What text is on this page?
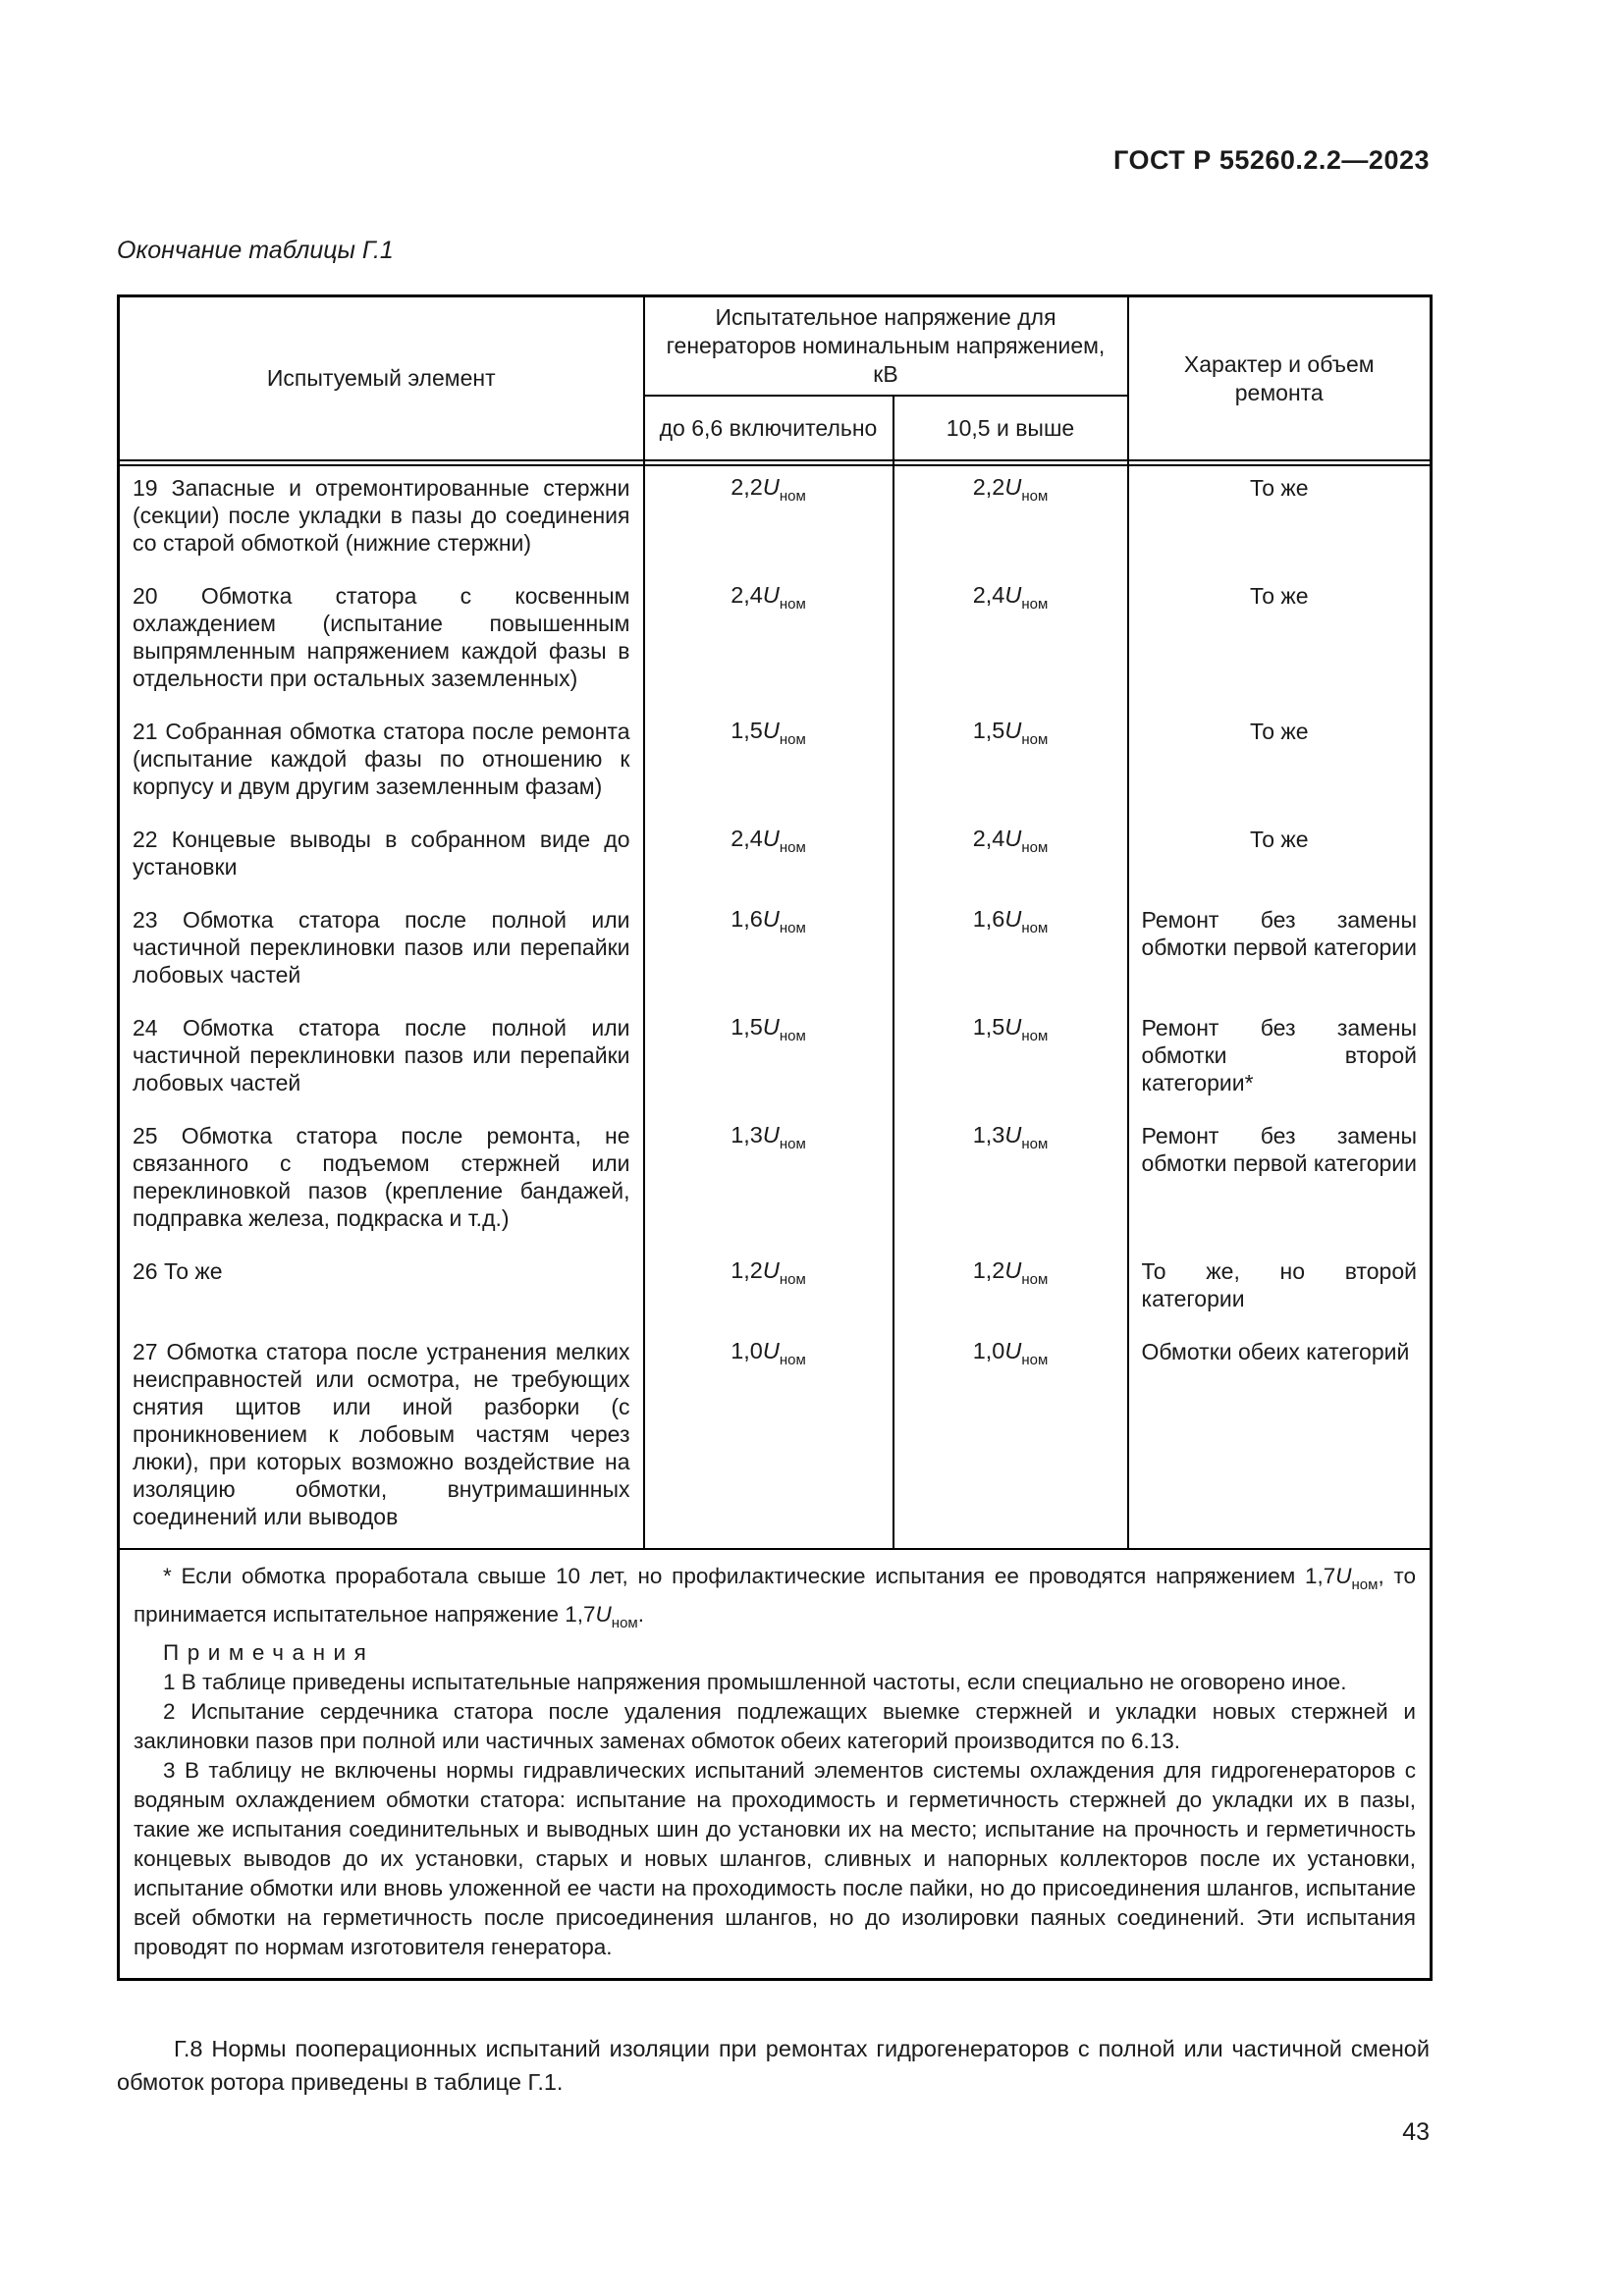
ГОСТ Р 55260.2.2—2023
Окончание таблицы Г.1
Испытуемый элемент	Испытательное напряжение для генераторов номинальным напряжением, кВ		Характер и объем ремонта
	до 6,6 включительно	10,5 и выше	

19 Запасные и отремонтированные стержни (секции) после укладки в пазы до соединения со старой обмоткой (нижние стержни)	$2,2U_{ном}$	$2,2U_{ном}$	То же
20 Обмотка статора с косвенным охлаждением (испытание повышенным выпрямленным напряжением каждой фазы в отдельности при остальных заземленных)	$2,4U_{ном}$	$2,4U_{ном}$	То же
21 Собранная обмотка статора после ремонта (испытание каждой фазы по отношению к корпусу и двум другим заземленным фазам)	$1,5U_{ном}$	$1,5U_{ном}$	То же
22 Концевые выводы в собранном виде до установки	$2,4U_{ном}$	$2,4U_{ном}$	То же
23 Обмотка статора после полной или частичной переклиновки пазов или перепайки лобовых частей	$1,6U_{ном}$	$1,6U_{ном}$	Ремонт без замены обмотки первой категории
24 Обмотка статора после полной или частичной переклиновки пазов или перепайки лобовых частей	$1,5U_{ном}$	$1,5U_{ном}$	Ремонт без замены обмотки второй категории*
25 Обмотка статора после ремонта, не связанного с подъемом стержней или переклиновкой пазов (крепление бандажей, подправка железа, подкраска и т.д.)	$1,3U_{ном}$	$1,3U_{ном}$	Ремонт без замены обмотки первой категории
26 То же	$1,2U_{ном}$	$1,2U_{ном}$	То же, но второй категории
27 Обмотка статора после устранения мелких неисправностей или осмотра, не требующих снятия щитов или иной разборки (с проникновением к лобовым частям через люки), при которых возможно воздействие на изоляцию обмотки, внутримашинных соединений или выводов	$1,0U_{ном}$	$1,0U_{ном}$	Обмотки обеих категорий

* Если обмотка проработала свыше 10 лет, но профилактические испытания ее проводятся напряжением $1,7U_{ном}$, то принимается испытательное напряжение $1,7U_{ном}$.

Примечания

1 В таблице приведены испытательные напряжения промышленной частоты, если специально не оговорено иное.

2 Испытание сердечника статора после удаления подлежащих выемке стержней и укладки новых стержней и заклиновки пазов при полной или частичных заменах обмоток обеих категорий производится по 6.13.

3 В таблицу не включены нормы гидравлических испытаний элементов системы охлаждения для гидрогенераторов с водяным охлаждением обмотки статора: испытание на проходимость и герметичность стержней до укладки их в пазы, такие же испытания соединительных и выводных шин до установки их на место; испытание на прочность и герметичность концевых выводов до их установки, старых и новых шлангов, сливных и напорных коллекторов после их установки, испытание обмотки или вновь уложенной ее части на проходимость после пайки, но до присоединения шлангов, испытание всей обмотки на герметичность после присоединения шлангов, но до изолировки паяных соединений. Эти испытания проводят по нормам изготовителя генератора.			

Г.8 Нормы пооперационных испытаний изоляции при ремонтах гидрогенераторов с полной или частичной сменой обмоток ротора приведены в таблице Г.1.

43
